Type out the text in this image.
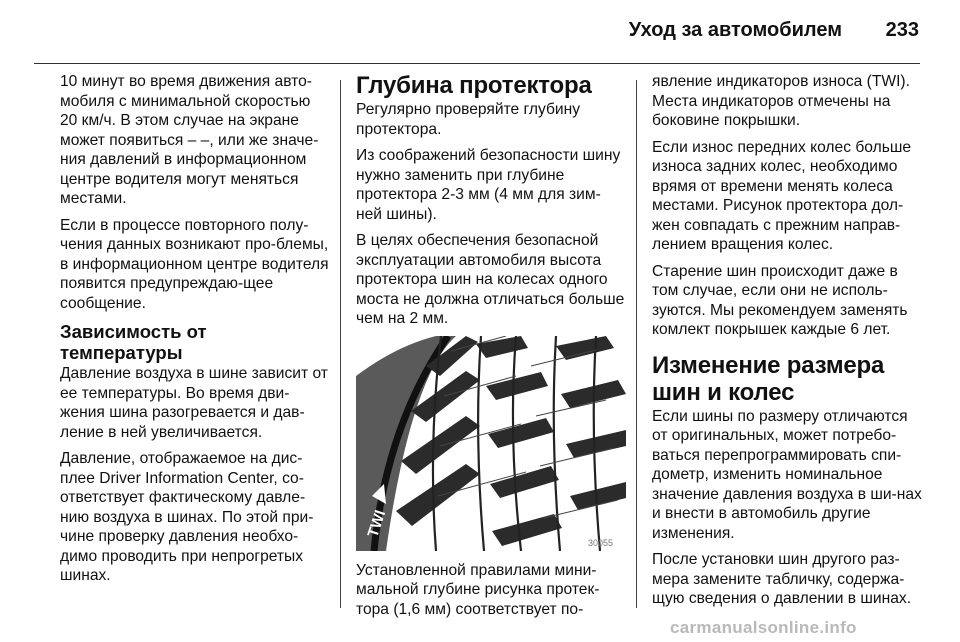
Уход за автомобилем 233

10 минут во время движения авто-мобиля с минимальной скоростью 20 км/ч. В этом случае на экране может появиться – –, или же значе-ния давлений в информационном центре водителя могут меняться местами.

Если в процессе повторного полу-чения данных возникают про-блемы, в информационном центре водителя появится предупреждаю-щее сообщение.

Зависимость от температуры

Давление воздуха в шине зависит от ее температуры. Во время дви-жения шина разогревается и дав-ление в ней увеличивается.

Давление, отображаемое на дис-плее Driver Information Center, со-ответствует фактическому давле-нию воздуха в шинах. По этой при-чине проверку давления необхо-димо проводить при непрогретых шинах.

Глубина протектора

Регулярно проверяйте глубину протектора.

Из соображений безопасности шину нужно заменить при глубине протектора 2-3 мм (4 мм для зим-ней шины).

В целях обеспечения безопасной эксплуатации автомобиля высота протектора шин на колесах одного моста не должна отличаться больше чем на 2 мм.

TWI
30055

Установленной правилами мини-мальной глубине рисунка протек-тора (1,6 мм) соответствует по-

явление индикаторов износа (TWI). Места индикаторов отмечены на боковине покрышки.

Если износ передних колес больше износа задних колес, необходимо врямя от времени менять колеса местами. Рисунок протектора дол-жен совпадать с прежним направ-лением вращения колес.

Старение шин происходит даже в том случае, если они не исполь-зуются. Мы рекомендуем заменять комлект покрышек каждые 6 лет.

Изменение размера шин и колес

Если шины по размеру отличаются от оригинальных, может потребо-ваться перепрограммировать спи-дометр, изменить номинальное значение давления воздуха в ши-нах и внести в автомобиль другие изменения.

После установки шин другого раз-мера замените табличку, содержа-щую сведения о давлении в шинах.

carmanualsonline.info
